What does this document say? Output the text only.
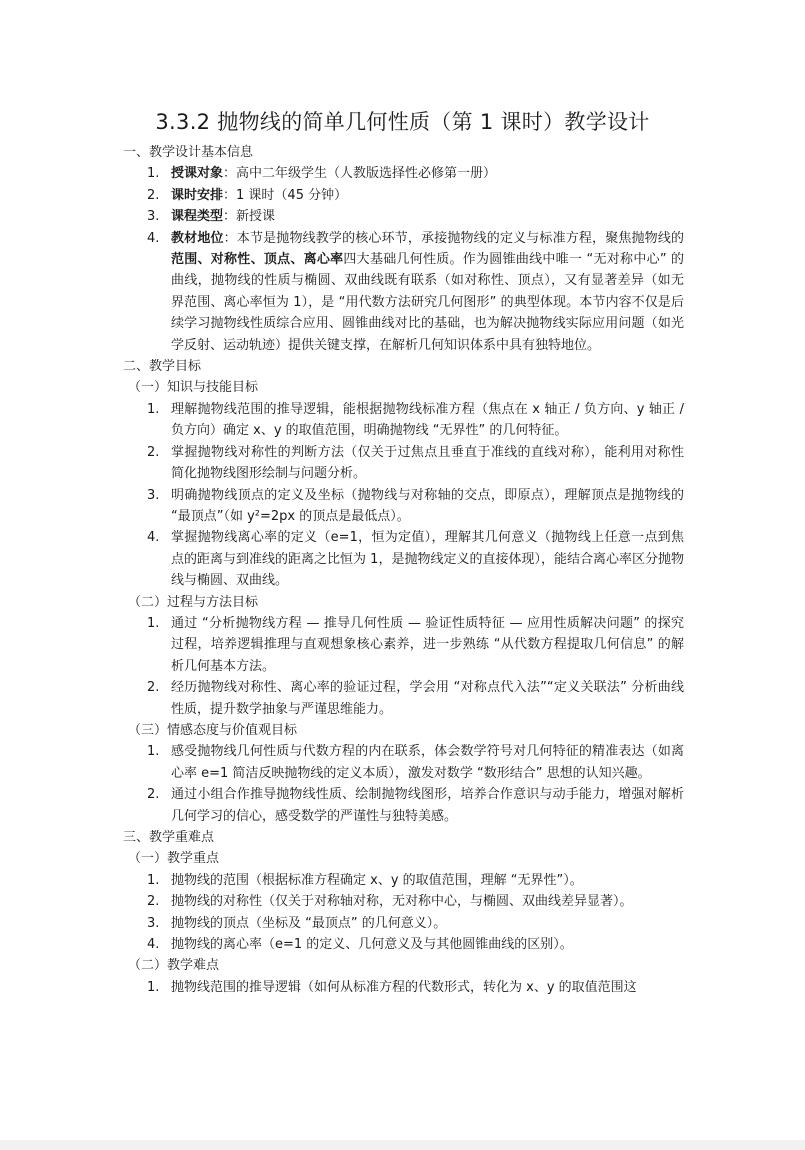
3.3.2 抛物线的简单几何性质（第 1 课时）教学设计
一、教学设计基本信息
1. 授课对象：高中二年级学生（人教版选择性必修第一册）
2. 课时安排：1 课时（45 分钟）
3. 课程类型：新授课
4. 教材地位：本节是抛物线教学的核心环节，承接抛物线的定义与标准方程，聚焦抛物线的范围、对称性、顶点、离心率四大基础几何性质。作为圆锥曲线中唯一 “无对称中心” 的曲线，抛物线的性质与椭圆、双曲线既有联系（如对称性、顶点），又有显著差异（如无界范围、离心率恒为 1），是 “用代数方法研究几何图形” 的典型体现。本节内容不仅是后续学习抛物线性质综合应用、圆锥曲线对比的基础，也为解决抛物线实际应用问题（如光学反射、运动轨迹）提供关键支撑，在解析几何知识体系中具有独特地位。
二、教学目标
（一）知识与技能目标
1. 理解抛物线范围的推导逻辑，能根据抛物线标准方程（焦点在 x 轴正 / 负方向、y 轴正 / 负方向）确定 x、y 的取值范围，明确抛物线 “无界性” 的几何特征。
2. 掌握抛物线对称性的判断方法（仅关于过焦点且垂直于准线的直线对称），能利用对称性简化抛物线图形绘制与问题分析。
3. 明确抛物线顶点的定义及坐标（抛物线与对称轴的交点，即原点），理解顶点是抛物线的 “最顶点”（如 y²=2px 的顶点是最低点）。
4. 掌握抛物线离心率的定义（e=1，恒为定值），理解其几何意义（抛物线上任意一点到焦点的距离与到准线的距离之比恒为 1，是抛物线定义的直接体现），能结合离心率区分抛物线与椭圆、双曲线。
（二）过程与方法目标
1. 通过 “分析抛物线方程 — 推导几何性质 — 验证性质特征 — 应用性质解决问题” 的探究过程，培养逻辑推理与直观想象核心素养，进一步熟练 “从代数方程提取几何信息” 的解析几何基本方法。
2. 经历抛物线对称性、离心率的验证过程，学会用 “对称点代入法”“定义关联法” 分析曲线性质，提升数学抽象与严谨思维能力。
（三）情感态度与价值观目标
1. 感受抛物线几何性质与代数方程的内在联系，体会数学符号对几何特征的精准表达（如离心率 e=1 简洁反映抛物线的定义本质），激发对数学 “数形结合” 思想的认知兴趣。
2. 通过小组合作推导抛物线性质、绘制抛物线图形，培养合作意识与动手能力，增强对解析几何学习的信心，感受数学的严谨性与独特美感。
三、教学重难点
（一）教学重点
1. 抛物线的范围（根据标准方程确定 x、y 的取值范围，理解 “无界性”）。
2. 抛物线的对称性（仅关于对称轴对称，无对称中心，与椭圆、双曲线差异显著）。
3. 抛物线的顶点（坐标及 “最顶点” 的几何意义）。
4. 抛物线的离心率（e=1 的定义、几何意义及与其他圆锥曲线的区别）。
（二）教学难点
1. 抛物线范围的推导逻辑（如何从标准方程的代数形式，转化为 x、y 的取值范围这
